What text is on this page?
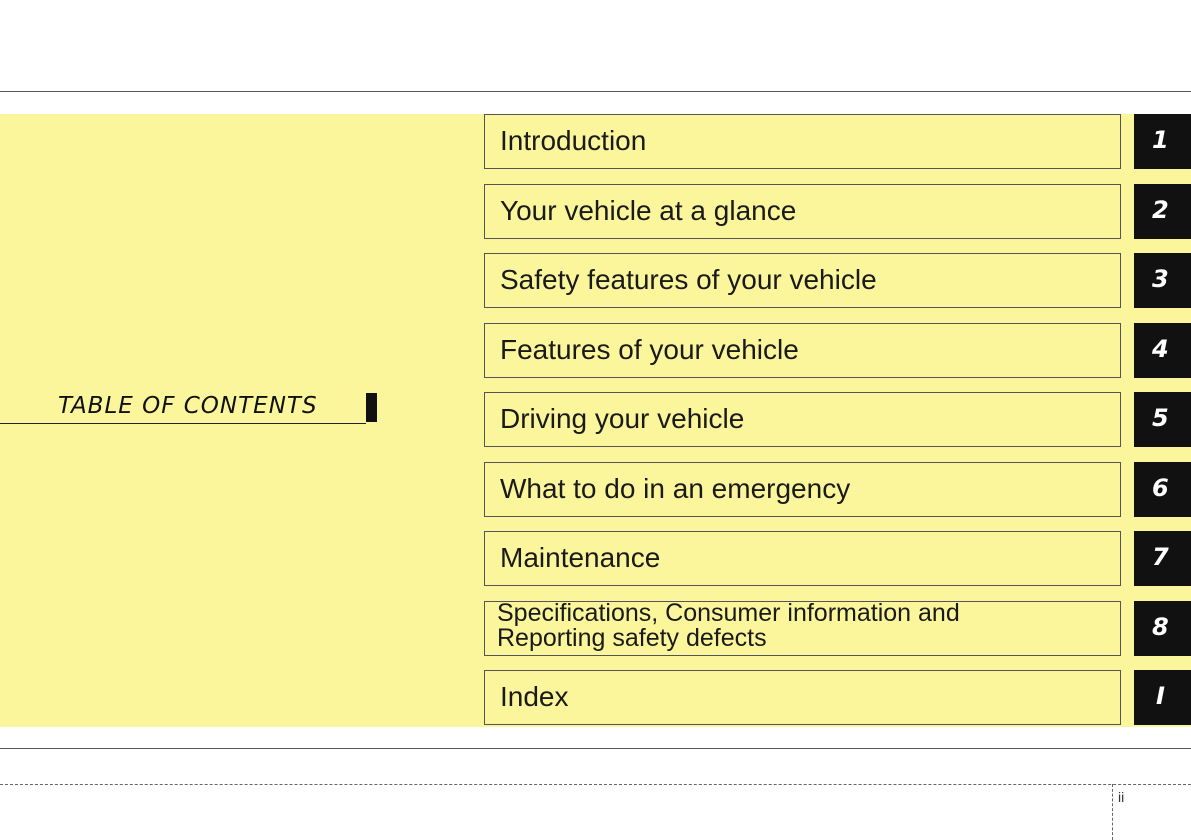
TABLE OF CONTENTS
Introduction	1
Your vehicle at a glance	2
Safety features of your vehicle	3
Features of your vehicle	4
Driving your vehicle	5
What to do in an emergency	6
Maintenance	7
Specifications, Consumer information and Reporting safety defects	8
Index	I
ii
